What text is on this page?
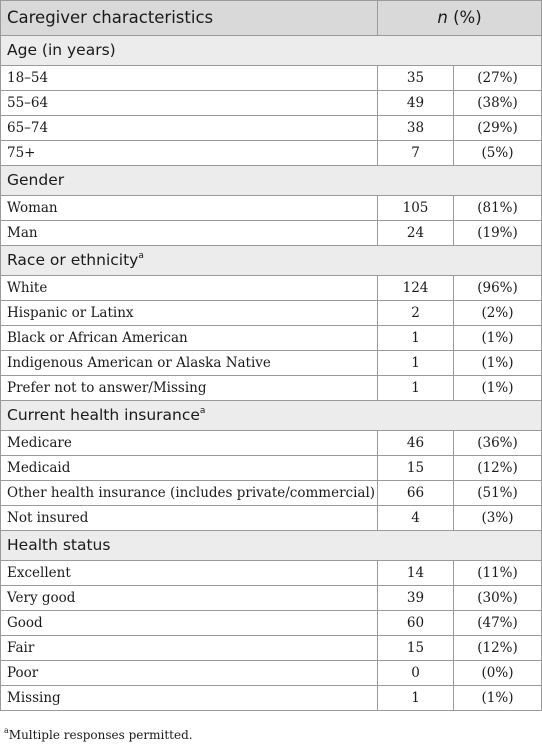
Caregiver characteristics	n (%)	
Age (in years)		
18–54	35	(27%)
55–64	49	(38%)
65–74	38	(29%)
75+	7	(5%)
Gender		
Woman	105	(81%)
Man	24	(19%)
Race or ethnicity$^a$
White	124	(96%)
Hispanic or Latinx	2	(2%)
Black or African American	1	(1%)
Indigenous American or Alaska Native	1	(1%)
Prefer not to answer/Missing	1	(1%)
Current health insurance$^a$
Medicare	46	(36%)
Medicaid	15	(12%)
Other health insurance (includes private/commercial)	66	(51%)
Not insured	4	(3%)
Health status		
Excellent	14	(11%)
Very good	39	(30%)
Good	60	(47%)
Fair	15	(12%)
Poor	0	(0%)
Missing	1	(1%)
$^a$Multiple responses permitted.
